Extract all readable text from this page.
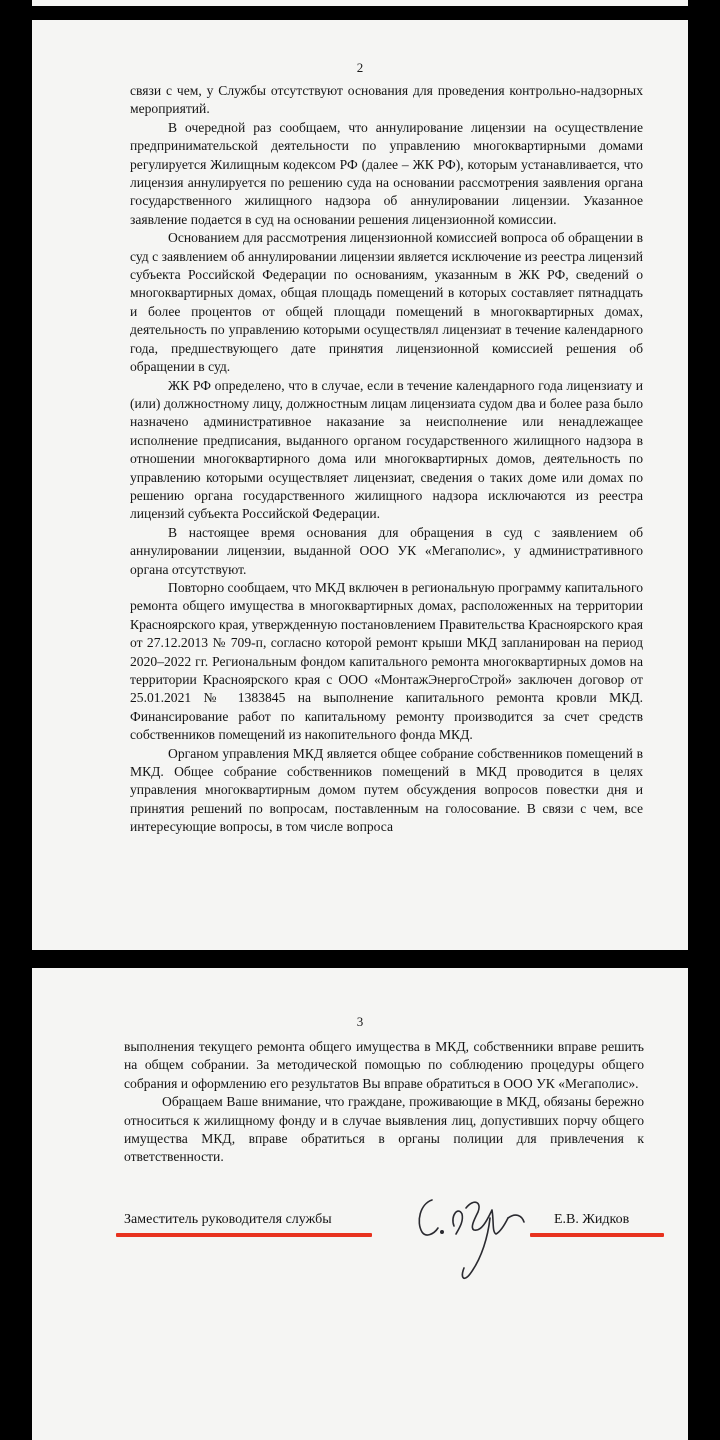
2

связи с чем, у Службы отсутствуют основания для проведения контрольно-надзорных мероприятий.

В очередной раз сообщаем, что аннулирование лицензии на осуществление предпринимательской деятельности по управлению многоквартирными домами регулируется Жилищным кодексом РФ (далее – ЖК РФ), которым устанавливается, что лицензия аннулируется по решению суда на основании рассмотрения заявления органа государственного жилищного надзора об аннулировании лицензии. Указанное заявление подается в суд на основании решения лицензионной комиссии.

Основанием для рассмотрения лицензионной комиссией вопроса об обращении в суд с заявлением об аннулировании лицензии является исключение из реестра лицензий субъекта Российской Федерации по основаниям, указанным в ЖК РФ, сведений о многоквартирных домах, общая площадь помещений в которых составляет пятнадцать и более процентов от общей площади помещений в многоквартирных домах, деятельность по управлению которыми осуществлял лицензиат в течение календарного года, предшествующего дате принятия лицензионной комиссией решения об обращении в суд.

ЖК РФ определено, что в случае, если в течение календарного года лицензиату и (или) должностному лицу, должностным лицам лицензиата судом два и более раза было назначено административное наказание за неисполнение или ненадлежащее исполнение предписания, выданного органом государственного жилищного надзора в отношении многоквартирного дома или многоквартирных домов, деятельность по управлению которыми осуществляет лицензиат, сведения о таких доме или домах по решению органа государственного жилищного надзора исключаются из реестра лицензий субъекта Российской Федерации.

В настоящее время основания для обращения в суд с заявлением об аннулировании лицензии, выданной ООО УК «Мегаполис», у административного органа отсутствуют.

Повторно сообщаем, что МКД включен в региональную программу капитального ремонта общего имущества в многоквартирных домах, расположенных на территории Красноярского края, утвержденную постановлением Правительства Красноярского края от 27.12.2013 № 709-п, согласно которой ремонт крыши МКД запланирован на период 2020–2022 гг. Региональным фондом капитального ремонта многоквартирных домов на территории Красноярского края с ООО «МонтажЭнергоСтрой» заключен договор от 25.01.2021 № 1383845 на выполнение капитального ремонта кровли МКД. Финансирование работ по капитальному ремонту производится за счет средств собственников помещений из накопительного фонда МКД.

Органом управления МКД является общее собрание собственников помещений в МКД. Общее собрание собственников помещений в МКД проводится в целях управления многоквартирным домом путем обсуждения вопросов повестки дня и принятия решений по вопросам, поставленным на голосование. В связи с чем, все интересующие вопросы, в том числе вопроса

3

выполнения текущего ремонта общего имущества в МКД, собственники вправе решить на общем собрании. За методической помощью по соблюдению процедуры общего собрания и оформлению его результатов Вы вправе обратиться в ООО УК «Мегаполис».

Обращаем Ваше внимание, что граждане, проживающие в МКД, обязаны бережно относиться к жилищному фонду и в случае выявления лиц, допустивших порчу общего имущества МКД, вправе обратиться в органы полиции для привлечения к ответственности.

Заместитель руководителя службы	Е.В. Жидков
